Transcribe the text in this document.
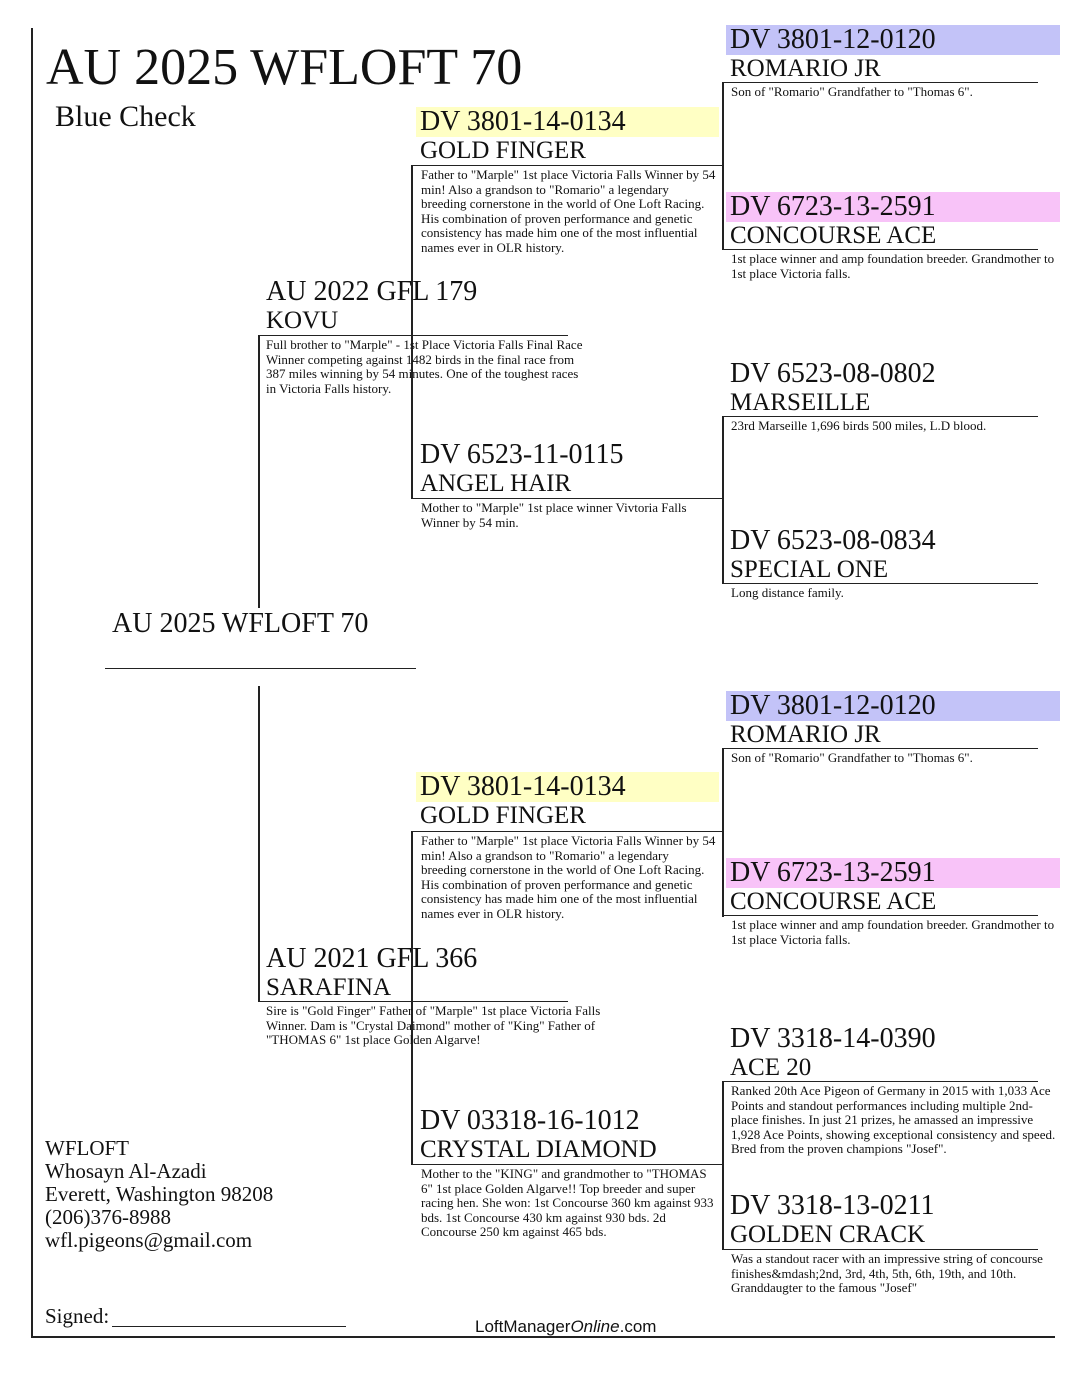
AU 2025 WFLOFT 70
Blue Check
AU 2025 WFLOFT 70
AU 2022 GFL 179
KOVU
Full brother to "Marple" - 1st Place Victoria Falls Final Race Winner competing against 1482 birds in the final race from 387 miles winning by 54 minutes. One of the toughest races in Victoria Falls history.
AU 2021 GFL 366
SARAFINA
Sire is "Gold Finger" Father of "Marple" 1st place Victoria Falls Winner. Dam is "Crystal Daimond" mother of "King" Father of "THOMAS 6" 1st place Golden Algarve!
DV 3801-14-0134
GOLD FINGER
Father to "Marple" 1st place Victoria Falls Winner by 54 min! Also a grandson to "Romario" a legendary breeding cornerstone in the world of One Loft Racing. His combination of proven performance and genetic consistency has made him one of the most influential names ever in OLR history.
DV 6523-11-0115
ANGEL HAIR
Mother to "Marple" 1st place winner Vivtoria Falls Winner by 54 min.
DV 3801-14-0134
GOLD FINGER
Father to "Marple" 1st place Victoria Falls Winner by 54 min! Also a grandson to "Romario" a legendary breeding cornerstone in the world of One Loft Racing. His combination of proven performance and genetic consistency has made him one of the most influential names ever in OLR history.
DV 03318-16-1012
CRYSTAL DIAMOND
Mother to the "KING" and grandmother to "THOMAS 6" 1st place Golden Algarve!! Top breeder and super racing hen. She won: 1st Concourse 360 km against 933 bds. 1st Concourse 430 km against 930 bds. 2d Concourse 250 km against 465 bds.
DV 3801-12-0120
ROMARIO JR
Son of "Romario" Grandfather to "Thomas 6".
DV 6723-13-2591
CONCOURSE ACE
1st place winner and amp foundation breeder. Grandmother to 1st place Victoria falls.
DV 6523-08-0802
MARSEILLE
23rd Marseille 1,696 birds 500 miles, L.D blood.
DV 6523-08-0834
SPECIAL ONE
Long distance family.
DV 3801-12-0120
ROMARIO JR
Son of "Romario" Grandfather to "Thomas 6".
DV 6723-13-2591
CONCOURSE ACE
1st place winner and amp foundation breeder. Grandmother to 1st place Victoria falls.
DV 3318-14-0390
ACE 20
Ranked 20th Ace Pigeon of Germany in 2015 with 1,033 Ace Points and standout performances including multiple 2nd-place finishes. In just 21 prizes, he amassed an impressive 1,928 Ace Points, showing exceptional consistency and speed. Bred from the proven champions "Josef".
DV 3318-13-0211
GOLDEN CRACK
Was a standout racer with an impressive string of concourse finishes&mdash;2nd, 3rd, 4th, 5th, 6th, 19th, and 10th. Granddaugter to the famous "Josef"
WFLOFT
Whosayn Al-Azadi
Everett, Washington 98208
(206)376-8988
wfl.pigeons@gmail.com
Signed:	LoftManagerOnline.com
